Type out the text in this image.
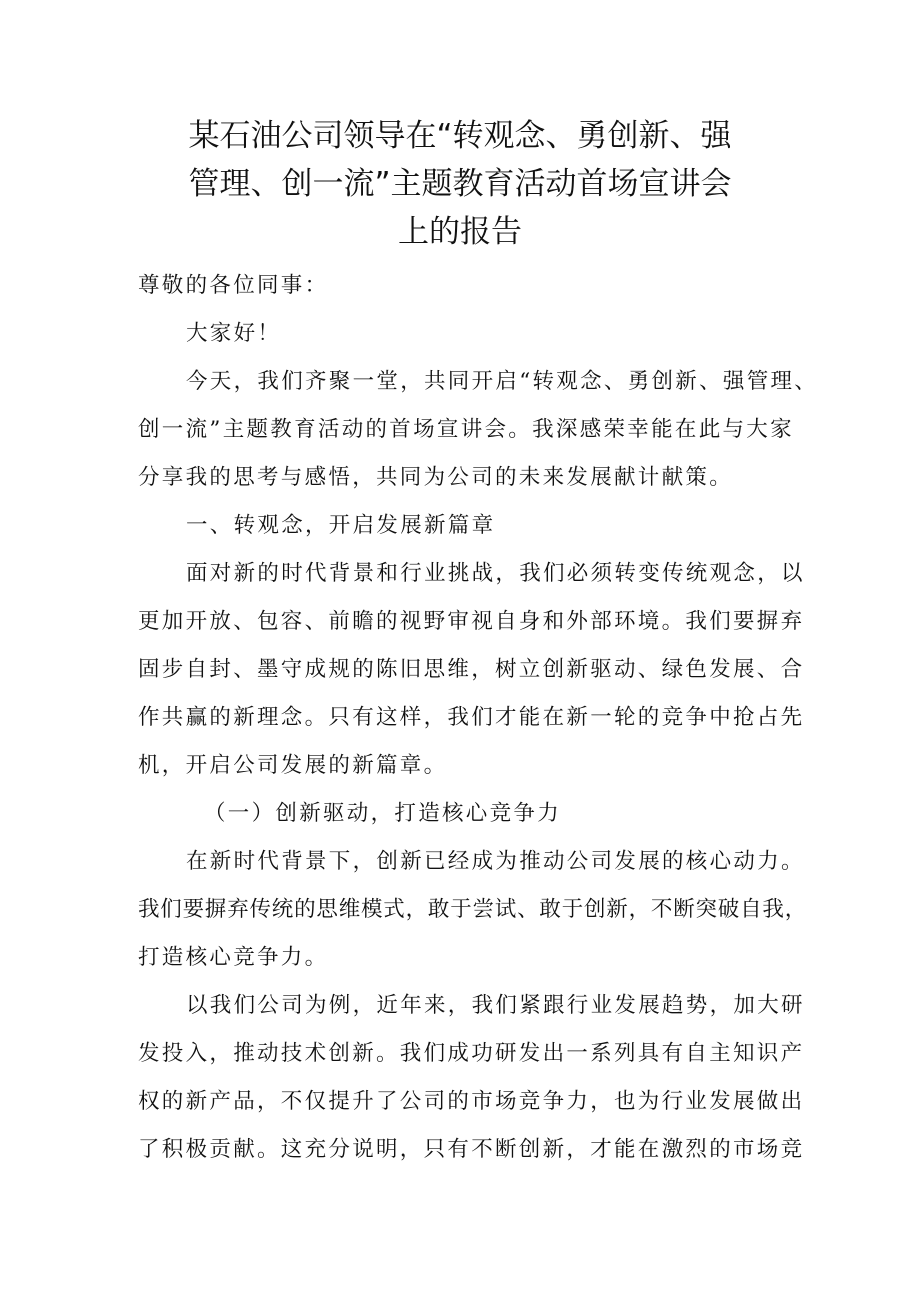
某石油公司领导在“转观念、勇创新、强
管理、创一流”主题教育活动首场宣讲会
上的报告
尊敬的各位同事：
大家好！
今天，我们齐聚一堂，共同开启“转观念、勇创新、强管理、
创一流”主题教育活动的首场宣讲会。我深感荣幸能在此与大家
分享我的思考与感悟，共同为公司的未来发展献计献策。
一、转观念，开启发展新篇章
面对新的时代背景和行业挑战，我们必须转变传统观念，以
更加开放、包容、前瞻的视野审视自身和外部环境。我们要摒弃
固步自封、墨守成规的陈旧思维，树立创新驱动、绿色发展、合
作共赢的新理念。只有这样，我们才能在新一轮的竞争中抢占先
机，开启公司发展的新篇章。
（一）创新驱动，打造核心竞争力
在新时代背景下，创新已经成为推动公司发展的核心动力。
我们要摒弃传统的思维模式，敢于尝试、敢于创新，不断突破自我，
打造核心竞争力。
以我们公司为例，近年来，我们紧跟行业发展趋势，加大研
发投入，推动技术创新。我们成功研发出一系列具有自主知识产
权的新产品，不仅提升了公司的市场竞争力，也为行业发展做出
了积极贡献。这充分说明，只有不断创新，才能在激烈的市场竞
